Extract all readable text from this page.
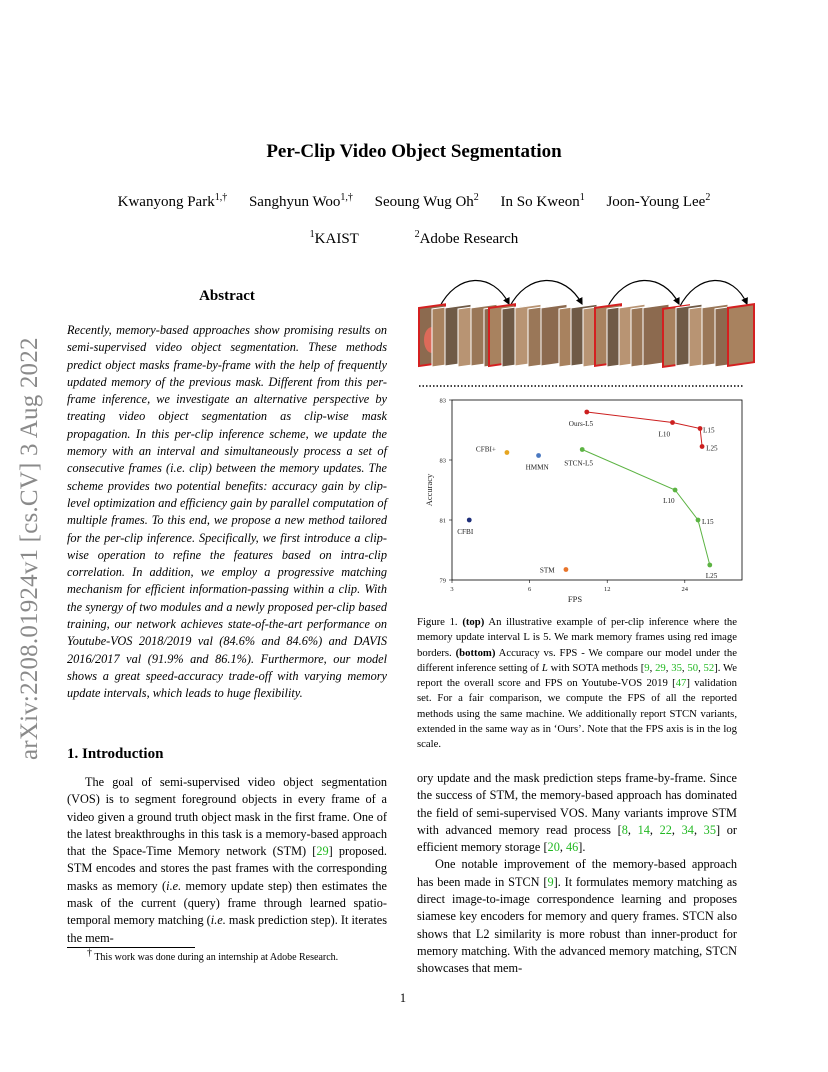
arXiv:2208.01924v1 [cs.CV] 3 Aug 2022
Per-Clip Video Object Segmentation
Kwanyong Park$^{1,\dagger}$ Sanghyun Woo$^{1,\dagger}$ Seoung Wug Oh$^2$ In So Kweon$^1$ Joon-Young Lee$^2$
$^1$KAIST	$^2$Adobe Research
Abstract
Recently, memory-based approaches show promising results on semi-supervised video object segmentation. These methods predict object masks frame-by-frame with the help of frequently updated memory of the previous mask. Different from this per-frame inference, we investigate an alternative perspective by treating video object segmentation as clip-wise mask propagation. In this per-clip inference scheme, we update the memory with an interval and simultaneously process a set of consecutive frames (i.e. clip) between the memory updates. The scheme provides two potential benefits: accuracy gain by clip-level optimization and efficiency gain by parallel computation of multiple frames. To this end, we propose a new method tailored for the per-clip inference. Specifically, we first introduce a clip-wise operation to refine the features based on intra-clip correlation. In addition, we employ a progressive matching mechanism for efficient information-passing within a clip. With the synergy of two modules and a newly proposed per-clip based training, our network achieves state-of-the-art performance on Youtube-VOS 2018/2019 val (84.6% and 84.6%) and DAVIS 2016/2017 val (91.9% and 86.1%). Furthermore, our model shows a great speed-accuracy trade-off with varying memory update intervals, which leads to huge flexibility.
1. Introduction
The goal of semi-supervised video object segmentation (VOS) is to segment foreground objects in every frame of a video given a ground truth object mask in the first frame. One of the latest breakthroughs in this task is a memory-based approach that the Space-Time Memory network (STM) [29] proposed. STM encodes and stores the past frames with the corresponding masks as memory (i.e. memory update step) then estimates the mask of the current (query) frame through learned spatio-temporal memory matching (i.e. mask prediction step). It iterates the mem-
ory update and the mask prediction steps frame-by-frame. Since the success of STM, the memory-based approach has dominated the field of semi-supervised VOS. Many variants improve STM with advanced memory read process [8, 14, 22, 34, 35] or efficient memory storage [20, 46].
One notable improvement of the memory-based approach has been made in STCN [9]. It formulates memory matching as direct image-to-image correspondence learning and proposes siamese key encoders for memory and query frames. STCN also shows that L2 similarity is more robust than inner-product for memory matching. With the advanced memory matching, STCN showcases that mem-
† This work was done during an internship at Adobe Research.
1
3	6	12	24
79
81
83
83
FPS
Accuracy
Ours-L5
L10	L15
L25
STCN-L5
L10
L15
L25
CFBI+
HMMN
CFBI
STM
Figure 1. (top) An illustrative example of per-clip inference where the memory update interval L is 5. We mark memory frames using red image borders. (bottom) Accuracy vs. FPS - We compare our model under the different inference setting of L with SOTA methods [9, 29, 35, 50, 52]. We report the overall score and FPS on Youtube-VOS 2019 [47] validation set. For a fair comparison, we compute the FPS of all the reported methods using the same machine. We additionally report STCN variants, extended in the same way as in ‘Ours’. Note that the FPS axis is in the log scale.
